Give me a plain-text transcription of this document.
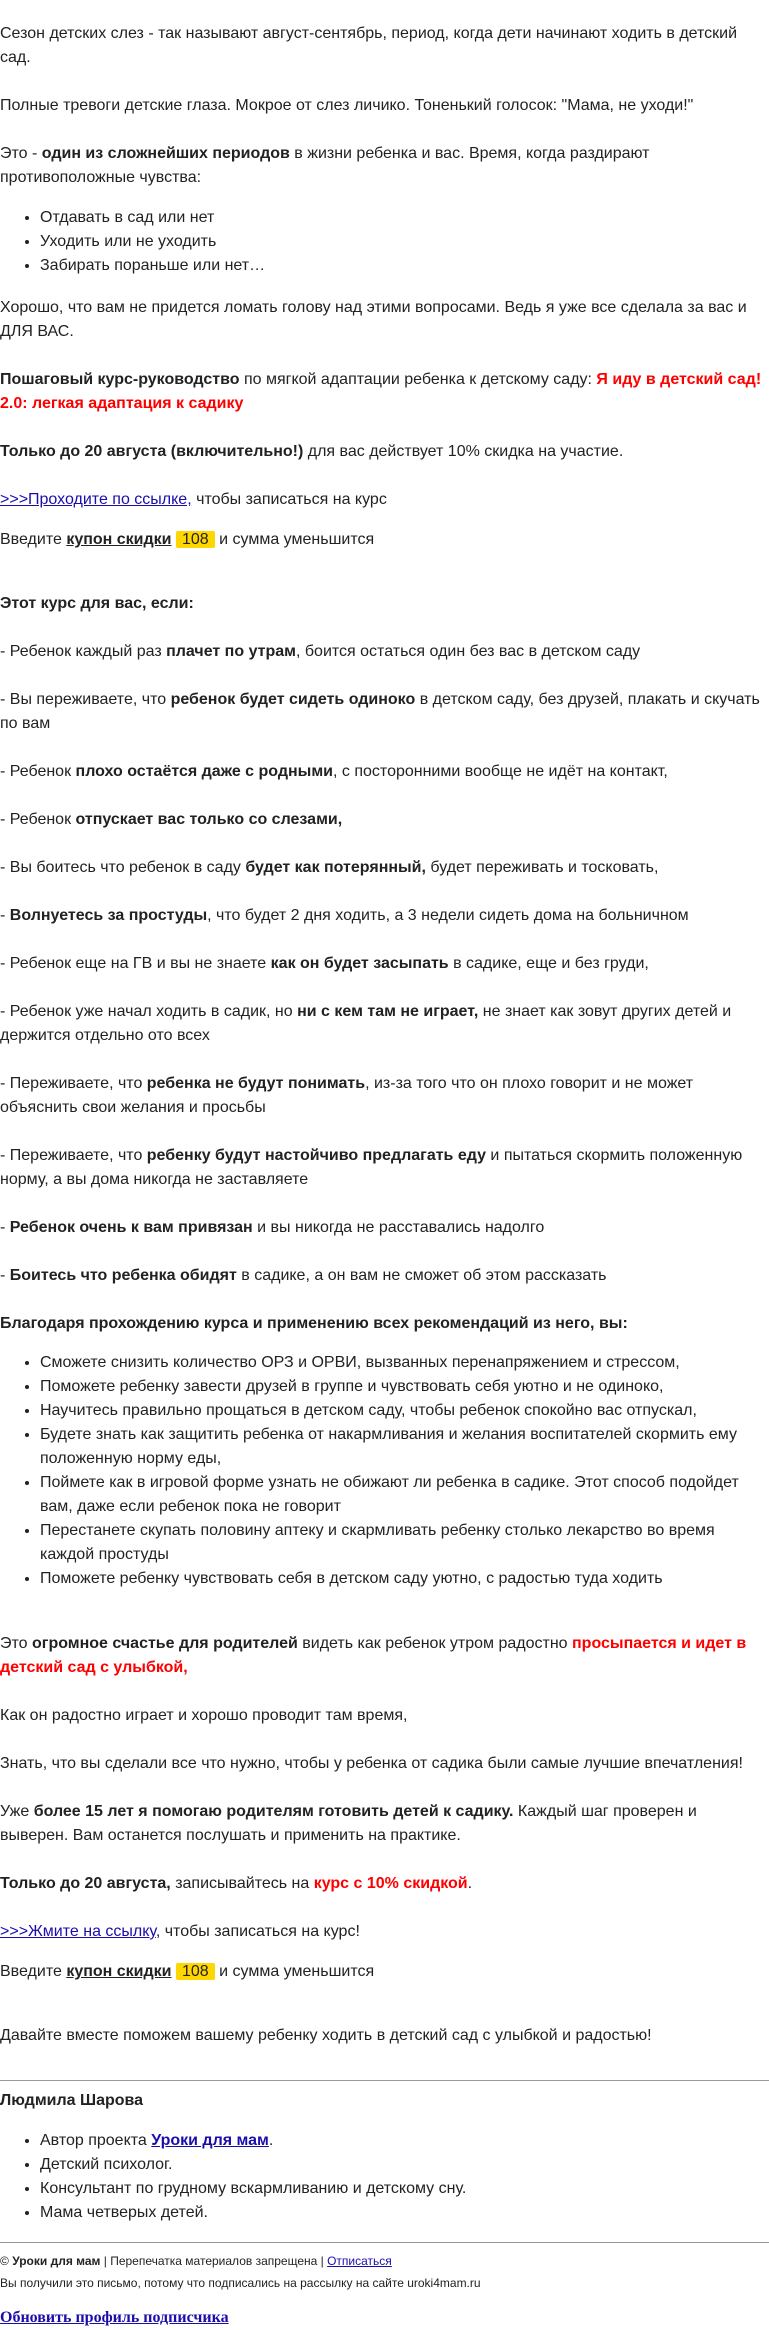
Сезон детских слез - так называют август-сентябрь, период, когда дети начинают ходить в детский сад.

Полные тревоги детские глаза. Мокрое от слез личико. Тоненький голосок: "Мама, не уходи!"

Это - один из сложнейших периодов в жизни ребенка и вас. Время, когда раздирают противоположные чувства:

• Отдавать в сад или нет
• Уходить или не уходить
• Забирать пораньше или нет…

Хорошо, что вам не придется ломать голову над этими вопросами. Ведь я уже все сделала за вас и ДЛЯ ВАС.

Пошаговый курс-руководство по мягкой адаптации ребенка к детскому саду: Я иду в детский сад! 2.0: легкая адаптация к садику

Только до 20 августа (включительно!) для вас действует 10% скидка на участие.

>>>Проходите по ссылке, чтобы записаться на курс

Введите купон скидки 108 и сумма уменьшится

Этот курс для вас, если:

- Ребенок каждый раз плачет по утрам, боится остаться один без вас в детском саду

- Вы переживаете, что ребенок будет сидеть одиноко в детском саду, без друзей, плакать и скучать по вам

- Ребенок плохо остаётся даже с родными, с посторонними вообще не идёт на контакт,

- Ребенок отпускает вас только со слезами,

- Вы боитесь что ребенок в саду будет как потерянный, будет переживать и тосковать,

- Волнуетесь за простуды, что будет 2 дня ходить, а 3 недели сидеть дома на больничном

- Ребенок еще на ГВ и вы не знаете как он будет засыпать в садике, еще и без груди,

- Ребенок уже начал ходить в садик, но ни с кем там не играет, не знает как зовут других детей и держится отдельно ото всех

- Переживаете, что ребенка не будут понимать, из-за того что он плохо говорит и не может объяснить свои желания и просьбы

- Переживаете, что ребенку будут настойчиво предлагать еду и пытаться скормить положенную норму, а вы дома никогда не заставляете

- Ребенок очень к вам привязан и вы никогда не расставались надолго

- Боитесь что ребенка обидят в садике, а он вам не сможет об этом рассказать

Благодаря прохождению курса и применению всех рекомендаций из него, вы:

• Сможете снизить количество ОРЗ и ОРВИ, вызванных перенапряжением и стрессом,
• Поможете ребенку завести друзей в группе и чувствовать себя уютно и не одиноко,
• Научитесь правильно прощаться в детском саду, чтобы ребенок спокойно вас отпускал,
• Будете знать как защитить ребенка от накармливания и желания воспитателей скормить ему положенную норму еды,
• Поймете как в игровой форме узнать не обижают ли ребенка в садике. Этот способ подойдет вам, даже если ребенок пока не говорит
• Перестанете скупать половину аптеку и скармливать ребенку столько лекарство во время каждой простуды
• Поможете ребенку чувствовать себя в детском саду уютно, с радостью туда ходить

Это огромное счастье для родителей видеть как ребенок утром радостно просыпается и идет в детский сад с улыбкой,

Как он радостно играет и хорошо проводит там время,

Знать, что вы сделали все что нужно, чтобы у ребенка от садика были самые лучшие впечатления!

Уже более 15 лет я помогаю родителям готовить детей к садику. Каждый шаг проверен и выверен. Вам останется послушать и применить на практике.

Только до 20 августа, записывайтесь на курс с 10% скидкой.

>>>Жмите на ссылку, чтобы записаться на курс!

Введите купон скидки 108 и сумма уменьшится

Давайте вместе поможем вашему ребенку ходить в детский сад с улыбкой и радостью!

Людмила Шарова

• Автор проекта Уроки для мам.
• Детский психолог.
• Консультант по грудному вскармливанию и детскому сну.
• Мама четверых детей.

© Уроки для мам | Перепечатка материалов запрещена | Отписаться

Вы получили это письмо, потому что подписались на рассылку на сайте uroki4mam.ru

Обновить профиль подписчика
